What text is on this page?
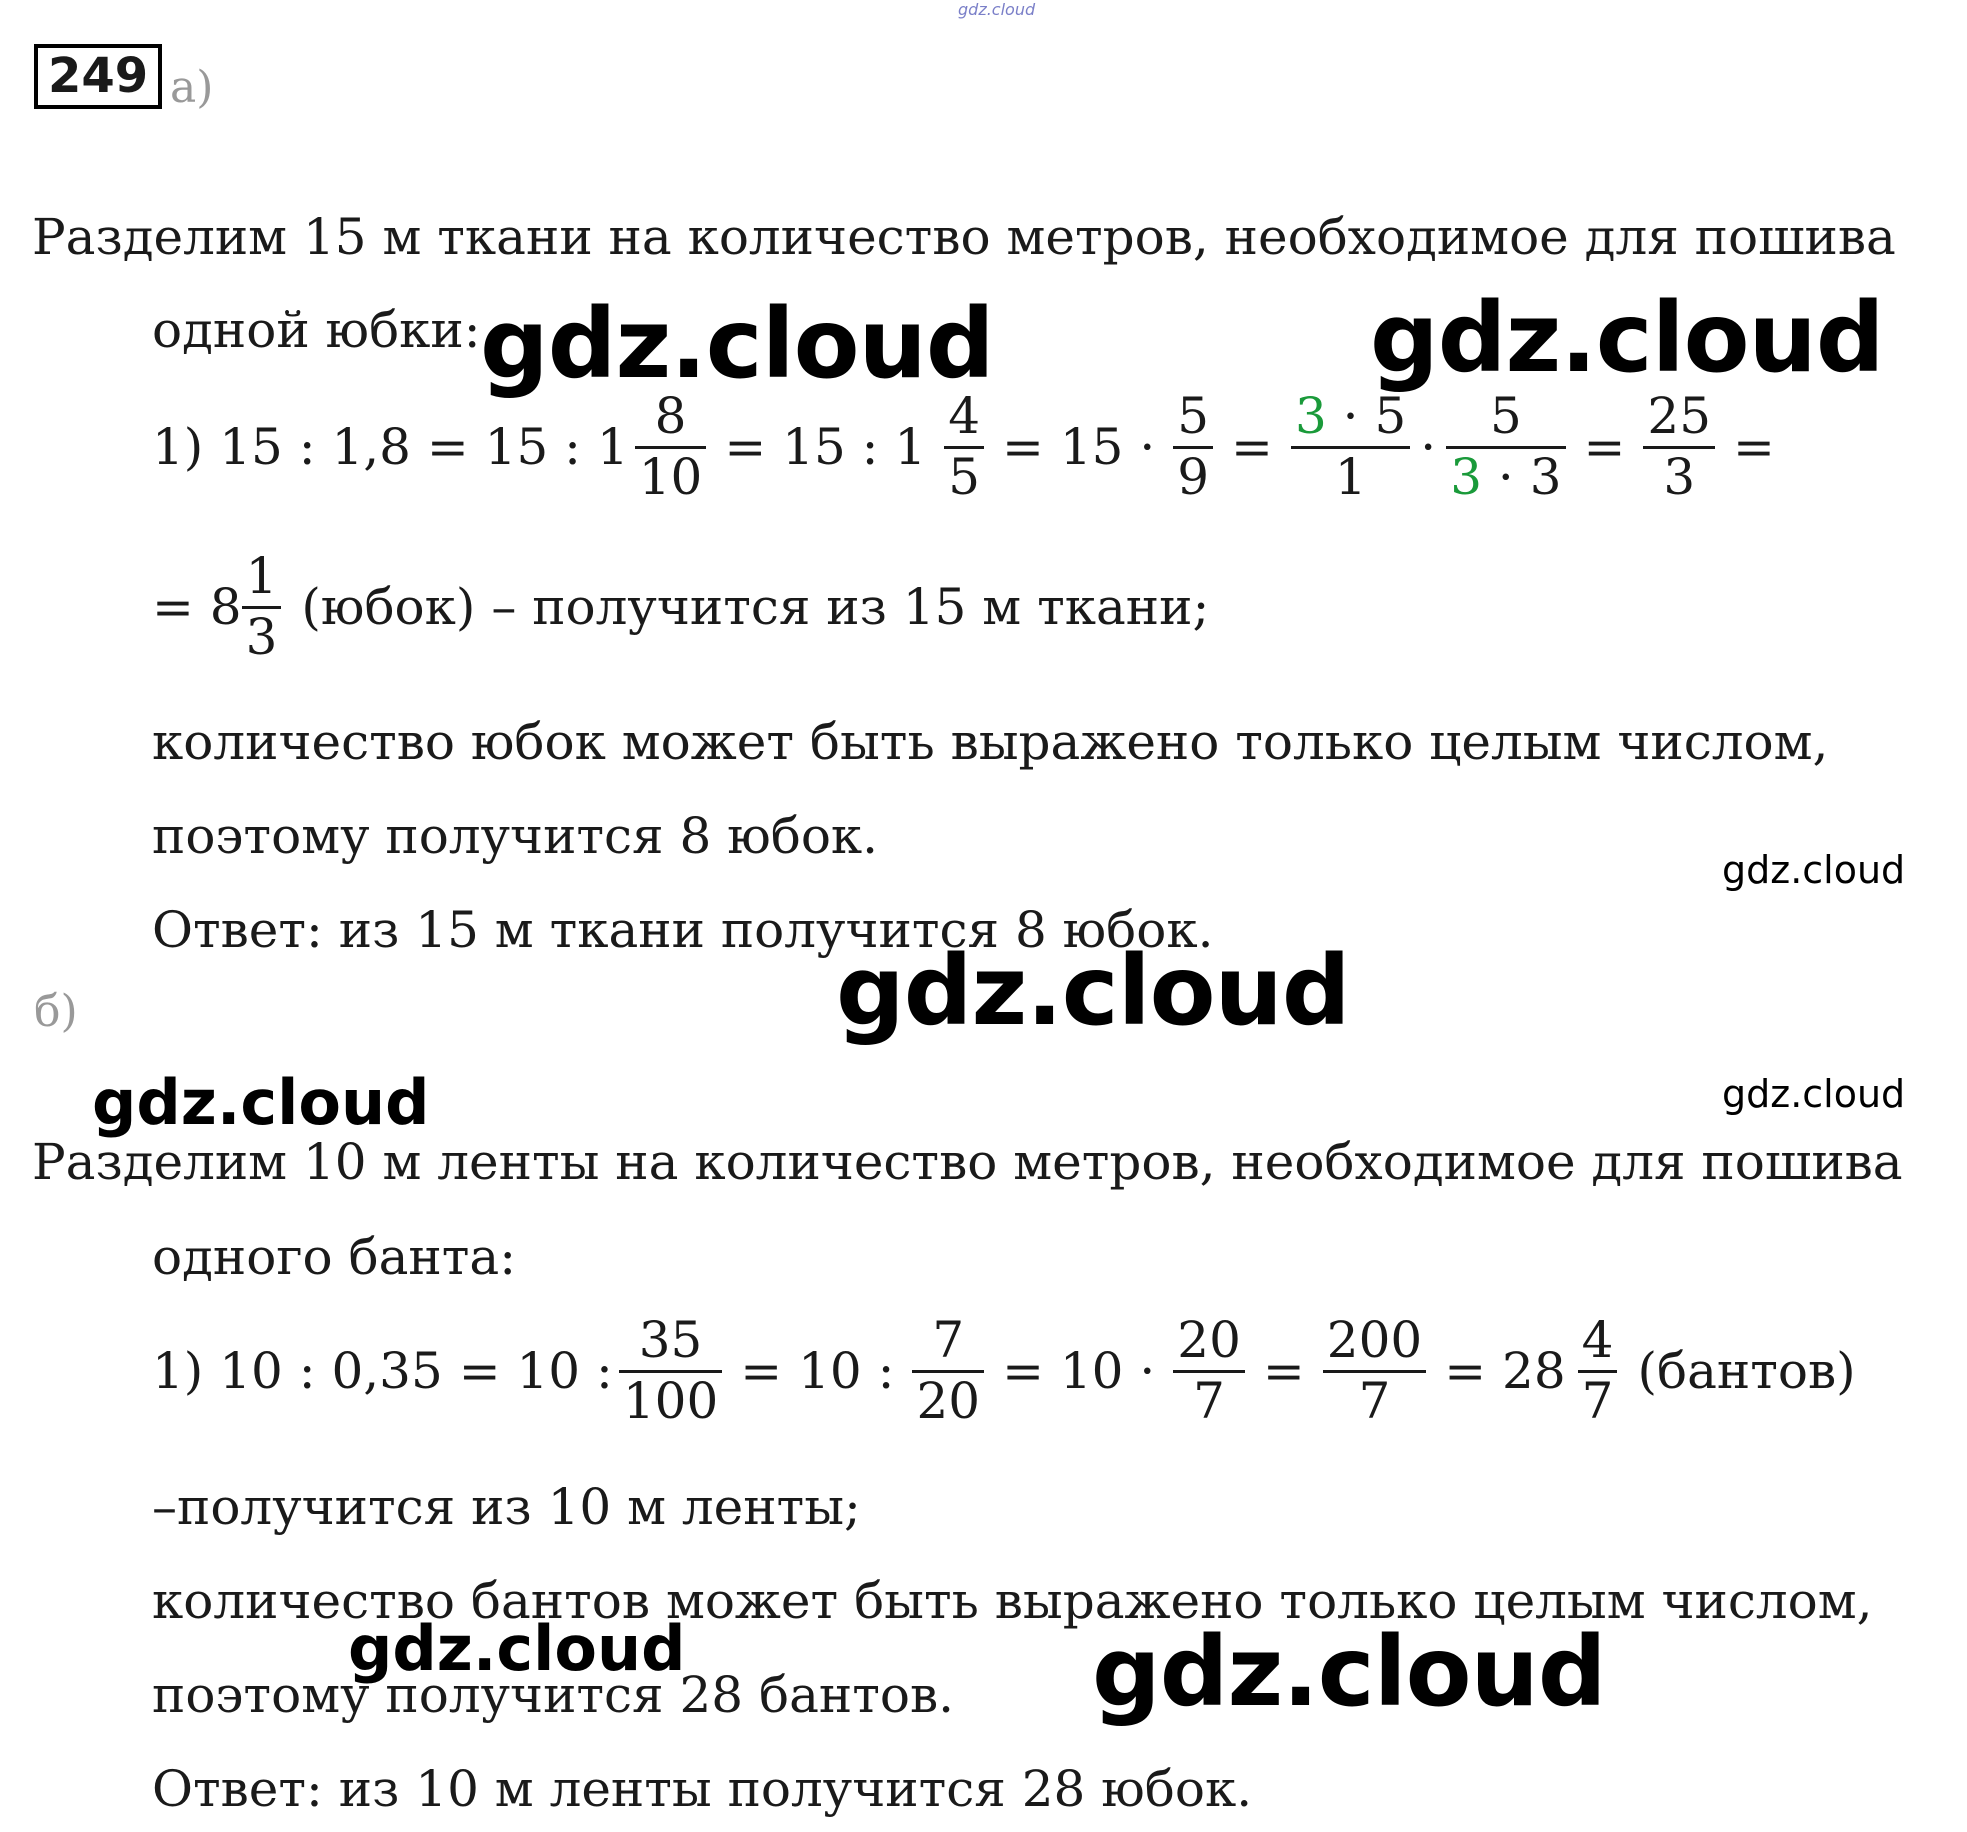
gdz.cloud
249 а)
Разделим 15 м ткани на количество метров, необходимое для пошива
одной юбки:
1) 15 : 1,8 = 15 : $1 \frac{8}{10} = 15$ : $1 \frac{4}{5} = 15 \cdot \frac{5}{9} = \frac{3 \cdot 5}{1} \cdot \frac{5}{3 \cdot 3} = \frac{25}{3}$ =
= $8 \frac{1}{3}$ (юбок) – получится из 15 м ткани;
количество юбок может быть выражено только целым числом,
поэтому получится 8 юбок.
Ответ: из 15 м ткани получится 8 юбок.
б)
Разделим 10 м ленты на количество метров, необходимое для пошива
одного банта:
1) 10 : 0,35 = 10 : $\frac{35}{100} = 10$ : $\frac{7}{20} = 10 \cdot \frac{20}{7} = \frac{200}{7} = 28 \frac{4}{7}$ (бантов)
–получится из 10 м ленты;
количество бантов может быть выражено только целым числом,
поэтому получится 28 бантов.
Ответ: из 10 м ленты получится 28 юбок.
gdz.cloud	gdz.cloud
gdz.cloud
gdz.cloud
gdz.cloud	gdz.cloud
gdz.cloud	gdz.cloud
